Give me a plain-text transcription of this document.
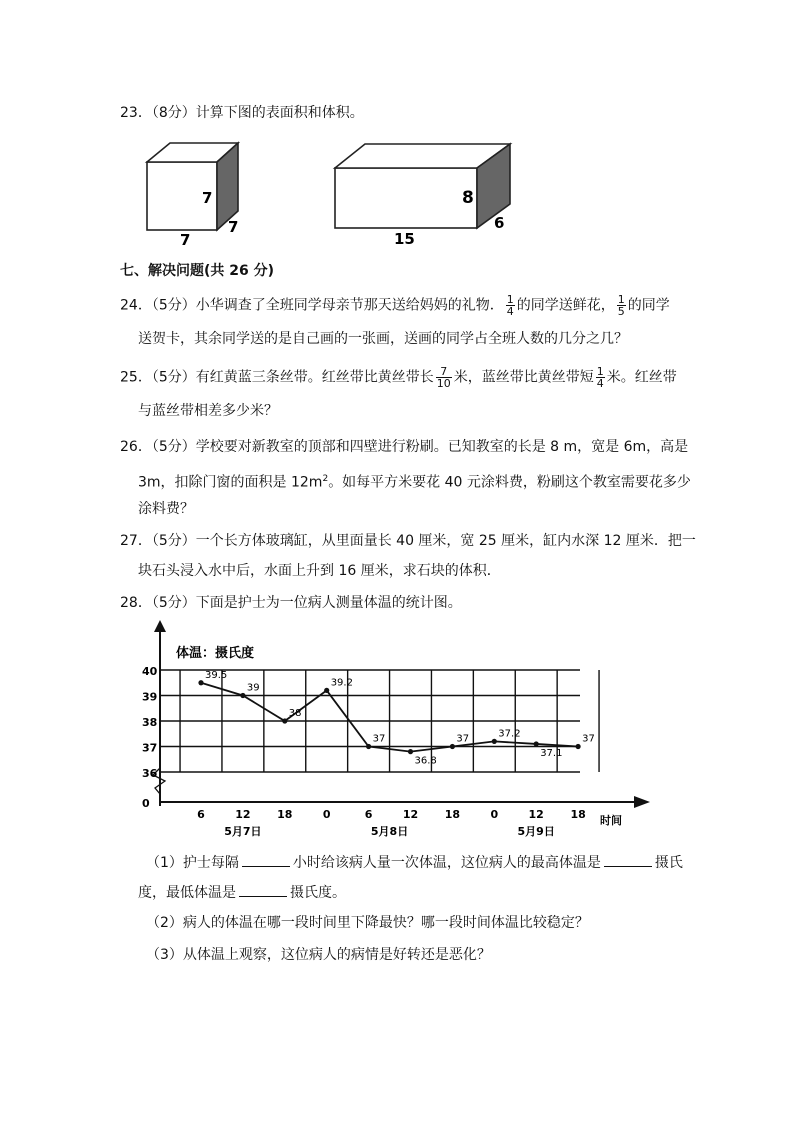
23．（8分）计算下图的表面积和体积。
7
7
7
8
15
6
七、解决问题(共 26 分)
24．（5分）小华调查了全班同学母亲节那天送给妈妈的礼物． $\frac{1}{4}$ 的同学送鲜花， $\frac{1}{5}$ 的同学
送贺卡，其余同学送的是自己画的一张画，送画的同学占全班人数的几分之几？
25．（5分）有红黄蓝三条丝带。红丝带比黄丝带长 $\frac{7}{10}$ 米，蓝丝带比黄丝带短 $\frac{1}{4}$ 米。红丝带
与蓝丝带相差多少米？
26．（5分）学校要对新教室的顶部和四壁进行粉刷。已知教室的长是 8 m，宽是 6m，高是
3m，扣除门窗的面积是 $12m^2$。如每平方米要花 40 元涂料费，粉刷这个教室需要花多少
涂料费？
27．（5分）一个长方体玻璃缸，从里面量长 40 厘米，宽 25 厘米，缸内水深 12 厘米．把一
块石头浸入水中后，水面上升到 16 厘米，求石块的体积．
28．（5分）下面是护士为一位病人测量体温的统计图。
40
39
38
37
36
0
6	12 18	0	6	12 18	0	12 18
5月7日	5月8日	5月9日
39.5
39
38
39.2
37
36.8
37	37.2
37.1
37
体温：摄氏度
时间
（1）护士每隔	小时给该病人量一次体温，这位病人的最高体温是	摄氏
度，最低体温是	摄氏度。
（2）病人的体温在哪一段时间里下降最快？哪一段时间体温比较稳定？
（3）从体温上观察，这位病人的病情是好转还是恶化？
